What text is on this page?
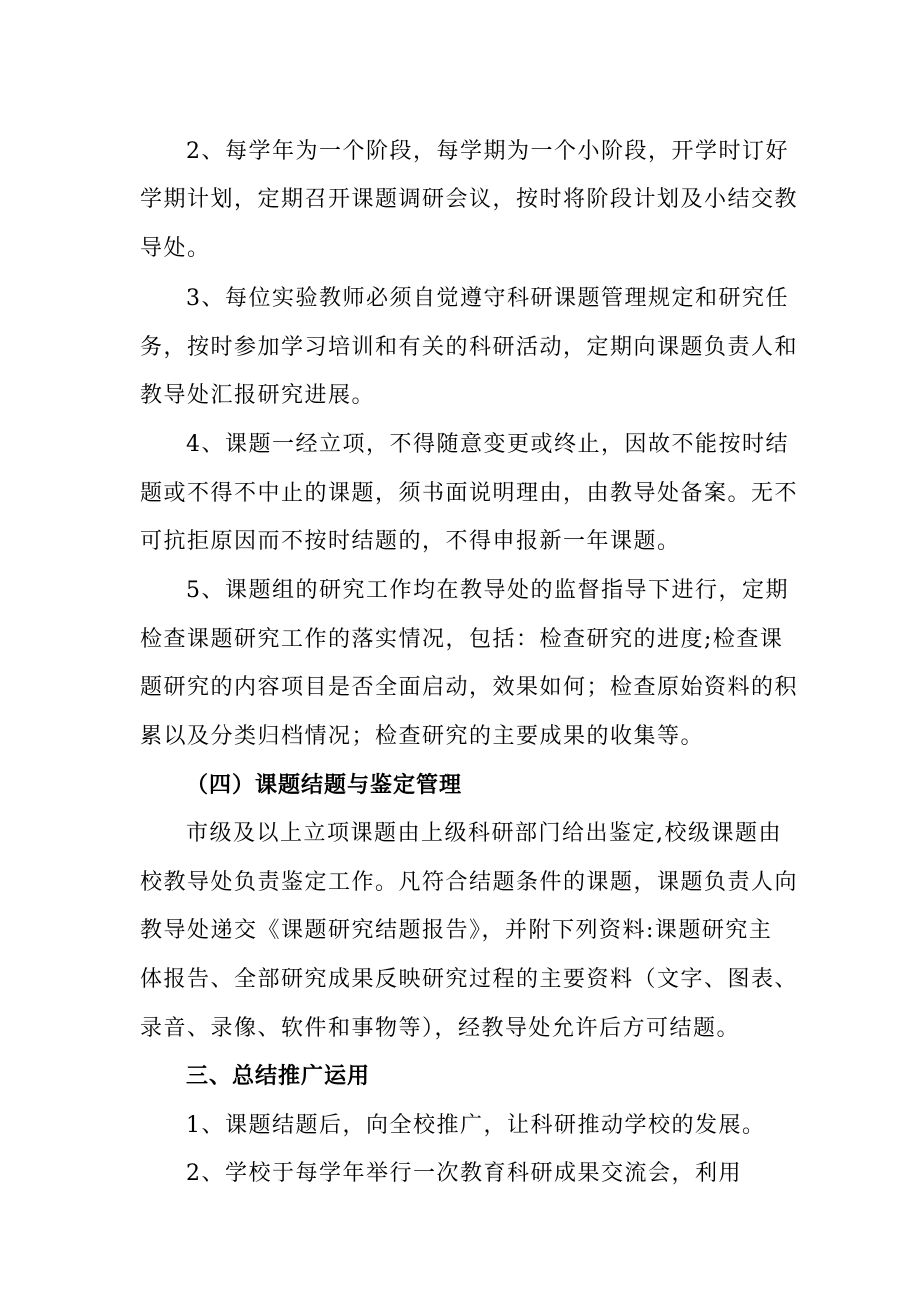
2、每学年为一个阶段，每学期为一个小阶段，开学时订好
学期计划，定期召开课题调研会议，按时将阶段计划及小结交教
导处。
3、每位实验教师必须自觉遵守科研课题管理规定和研究任
务，按时参加学习培训和有关的科研活动，定期向课题负责人和
教导处汇报研究进展。
4、课题一经立项，不得随意变更或终止，因故不能按时结
题或不得不中止的课题，须书面说明理由，由教导处备案。无不
可抗拒原因而不按时结题的，不得申报新一年课题。
5、课题组的研究工作均在教导处的监督指导下进行，定期
检查课题研究工作的落实情况，包括：检查研究的进度;检查课
题研究的内容项目是否全面启动，效果如何；检查原始资料的积
累以及分类归档情况；检查研究的主要成果的收集等。
（四）课题结题与鉴定管理
市级及以上立项课题由上级科研部门给出鉴定,校级课题由
校教导处负责鉴定工作。凡符合结题条件的课题，课题负责人向
教导处递交《课题研究结题报告》，并附下列资料:课题研究主
体报告、全部研究成果反映研究过程的主要资料（文字、图表、
录音、录像、软件和事物等），经教导处允许后方可结题。
三、总结推广运用
1、课题结题后，向全校推广，让科研推动学校的发展。
2、学校于每学年举行一次教育科研成果交流会，利用
